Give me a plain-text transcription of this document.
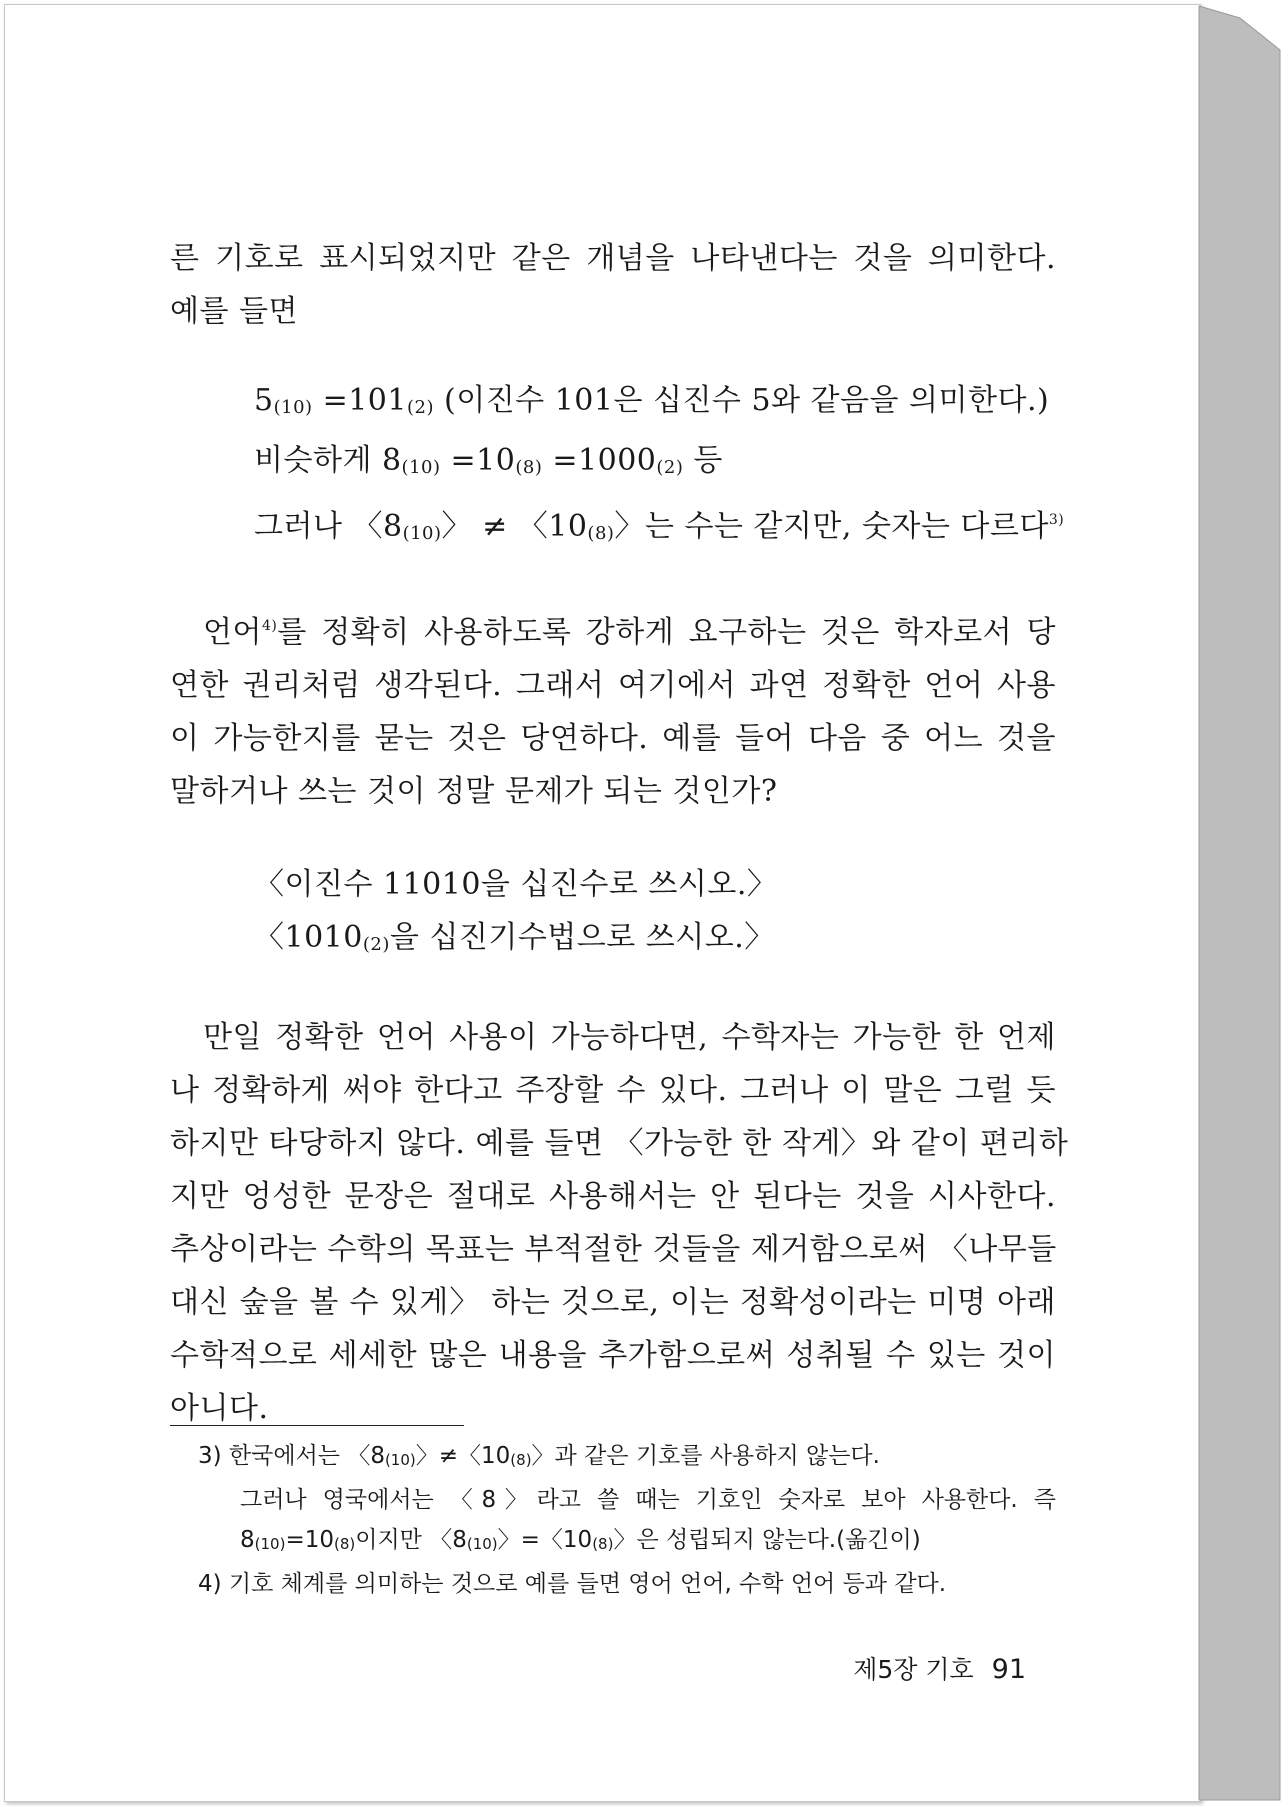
른 기호로 표시되었지만 같은 개념을 나타낸다는 것을 의미한다.
예를 들면
5(10) =101(2) (이진수 101은 십진수 5와 같음을 의미한다.)
비슷하게 8(10) =10(8) =1000(2) 등
그러나 〈8(10)〉 ≠ 〈10(8)〉는 수는 같지만, 숫자는 다르다$^{3)}$
언어$^{4)}$를 정확히 사용하도록 강하게 요구하는 것은 학자로서 당
연한 권리처럼 생각된다. 그래서 여기에서 과연 정확한 언어 사용
이 가능한지를 묻는 것은 당연하다. 예를 들어 다음 중 어느 것을
말하거나 쓰는 것이 정말 문제가 되는 것인가?
〈이진수 11010을 십진수로 쓰시오.〉
〈1010(2)을 십진기수법으로 쓰시오.〉
만일 정확한 언어 사용이 가능하다면, 수학자는 가능한 한 언제
나 정확하게 써야 한다고 주장할 수 있다. 그러나 이 말은 그럴 듯
하지만 타당하지 않다. 예를 들면 〈가능한 한 작게〉와 같이 편리하
지만 엉성한 문장은 절대로 사용해서는 안 된다는 것을 시사한다.
추상이라는 수학의 목표는 부적절한 것들을 제거함으로써 〈나무들
대신 숲을 볼 수 있게〉 하는 것으로, 이는 정확성이라는 미명 아래
수학적으로 세세한 많은 내용을 추가함으로써 성취될 수 있는 것이
아니다.
3) 한국에서는 〈8(10)〉≠〈10(8)〉과 같은 기호를 사용하지 않는다.
그러나 영국에서는 〈8〉라고 쓸 때는 기호인 숫자로 보아 사용한다. 즉
8(10)=10(8)이지만 〈8(10)〉=〈10(8)〉은 성립되지 않는다.(옮긴이)
4) 기호 체계를 의미하는 것으로 예를 들면 영어 언어, 수학 언어 등과 같다.
제5장 기호 91
